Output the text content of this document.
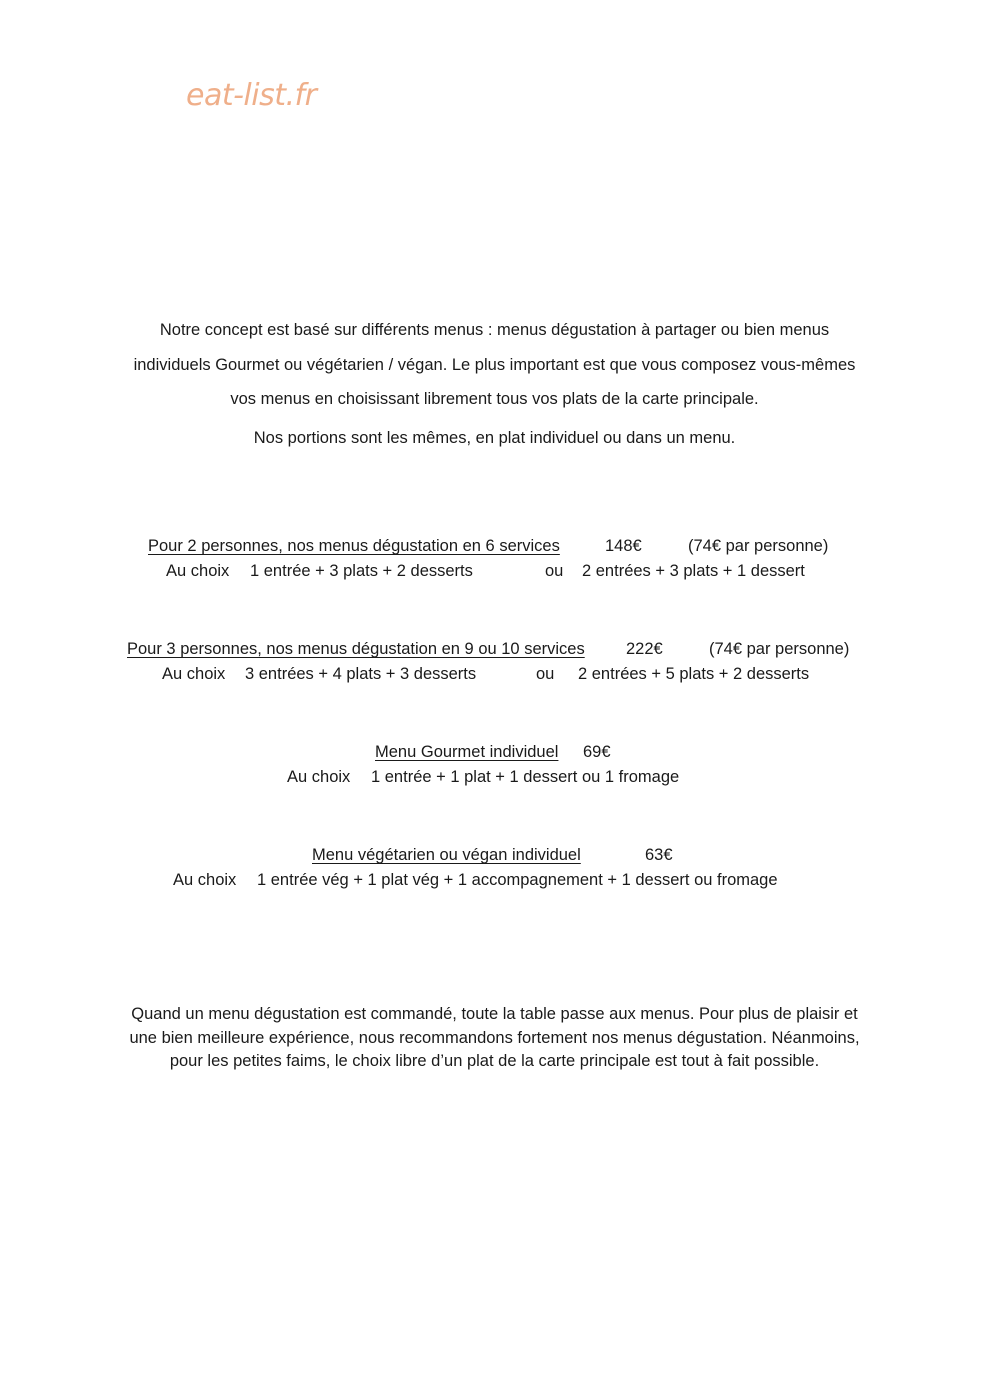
eat-list.fr

Notre concept est basé sur différents menus : menus dégustation à partager ou bien menus

individuels Gourmet ou végétarien / végan. Le plus important est que vous composez vous-mêmes

vos menus en choisissant librement tous vos plats de la carte principale.

Nos portions sont les mêmes, en plat individuel ou dans un menu.
Pour 2 personnes, nos menus dégustation en 6 services	148€	(74€ par personne)
Au choix 1 entrée + 3 plats + 2 desserts	ou 2 entrées + 3 plats + 1 dessert
Pour 3 personnes, nos menus dégustation en 9 ou 10 services	222€	(74€ par personne)
Au choix 3 entrées + 4 plats + 3 desserts	ou 2 entrées + 5 plats + 2 desserts
Menu Gourmet individuel 69€
Au choix 1 entrée + 1 plat + 1 dessert ou 1 fromage
Menu végétarien ou végan individuel	63€
Au choix 1 entrée vég + 1 plat vég + 1 accompagnement + 1 dessert ou fromage

Quand un menu dégustation est commandé, toute la table passe aux menus. Pour plus de plaisir et

une bien meilleure expérience, nous recommandons fortement nos menus dégustation. Néanmoins,

pour les petites faims, le choix libre d’un plat de la carte principale est tout à fait possible.
